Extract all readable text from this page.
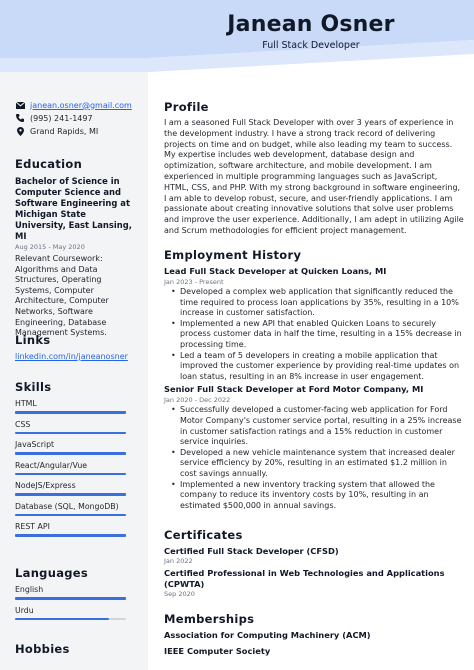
Janean Osner
Full Stack Developer
janean.osner@gmail.com
(995) 241-1497
Grand Rapids, MI
Education
Bachelor of Science in Computer Science and Software Engineering at Michigan State University, East Lansing, MI
Aug 2015 - May 2020
Relevant Coursework: Algorithms and Data Structures, Operating Systems, Computer Architecture, Computer Networks, Software Engineering, Database Management Systems.
Links
linkedin.com/in/janeanosner
Skills
HTML
CSS
JavaScript
React/Angular/Vue
NodeJS/Express
Database (SQL, MongoDB)
REST API
Languages
English
Urdu
Hobbies
Profile
I am a seasoned Full Stack Developer with over 3 years of experience in the development industry. I have a strong track record of delivering projects on time and on budget, while also leading my team to success. My expertise includes web development, database design and optimization, software architecture, and mobile development. I am experienced in multiple programming languages such as JavaScript, HTML, CSS, and PHP. With my strong background in software engineering, I am able to develop robust, secure, and user-friendly applications. I am passionate about creating innovative solutions that solve user problems and improve the user experience. Additionally, I am adept in utilizing Agile and Scrum methodologies for efficient project management.
Employment History
Lead Full Stack Developer at Quicken Loans, MI
Jan 2023 - Present
• Developed a complex web application that significantly reduced the time required to process loan applications by 35%, resulting in a 10% increase in customer satisfaction.
• Implemented a new API that enabled Quicken Loans to securely process customer data in half the time, resulting in a 15% decrease in processing time.
• Led a team of 5 developers in creating a mobile application that improved the customer experience by providing real-time updates on loan status, resulting in an 8% increase in user engagement.
Senior Full Stack Developer at Ford Motor Company, MI
Jan 2020 - Dec 2022
• Successfully developed a customer-facing web application for Ford Motor Company's customer service portal, resulting in a 25% increase in customer satisfaction ratings and a 15% reduction in customer service inquiries.
• Developed a new vehicle maintenance system that increased dealer service efficiency by 20%, resulting in an estimated $1.2 million in cost savings annually.
• Implemented a new inventory tracking system that allowed the company to reduce its inventory costs by 10%, resulting in an estimated $500,000 in annual savings.
Certificates
Certified Full Stack Developer (CFSD)
Jan 2022
Certified Professional in Web Technologies and Applications (CPWTA)
Sep 2020
Memberships
Association for Computing Machinery (ACM)
IEEE Computer Society
